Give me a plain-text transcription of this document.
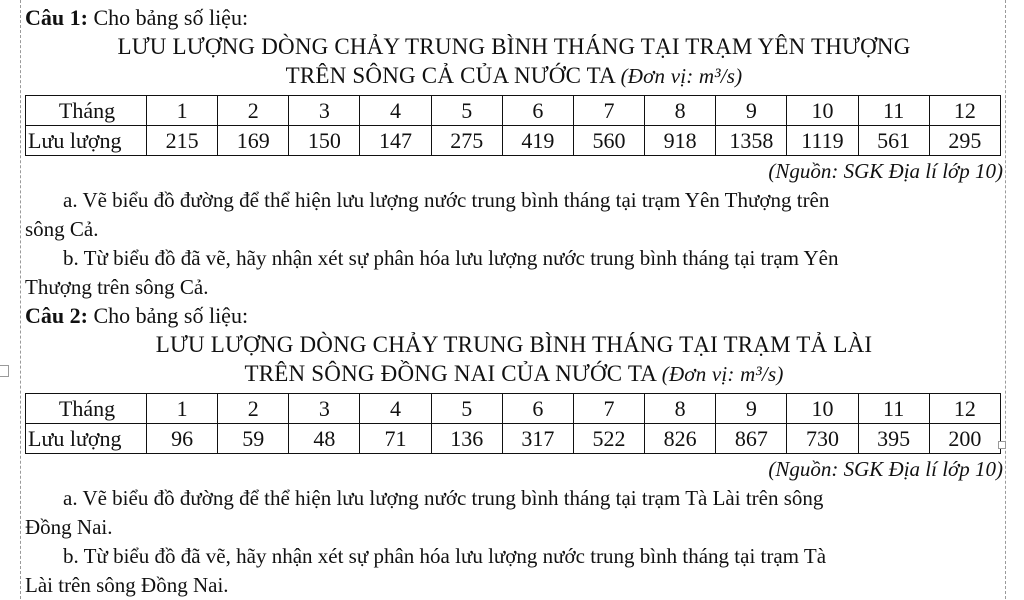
Câu 1: Cho bảng số liệu:
LƯU LƯỢNG DÒNG CHẢY TRUNG BÌNH THÁNG TẠI TRẠM YÊN THƯỢNG
TRÊN SÔNG CẢ CỦA NƯỚC TA (Đơn vị: m³/s)
Tháng	1	2	3	4	5	6	7	8	9	10	11	12
Lưu lượng	215	169	150	147	275	419	560	918	1358	1119	561	295
(Nguồn: SGK Địa lí lớp 10)
a. Vẽ biểu đồ đường để thể hiện lưu lượng nước trung bình tháng tại trạm Yên Thượng trên
sông Cả.
b. Từ biểu đồ đã vẽ, hãy nhận xét sự phân hóa lưu lượng nước trung bình tháng tại trạm Yên
Thượng trên sông Cả.
Câu 2: Cho bảng số liệu:
LƯU LƯỢNG DÒNG CHẢY TRUNG BÌNH THÁNG TẠI TRẠM TẢ LÀI
TRÊN SÔNG ĐỒNG NAI CỦA NƯỚC TA (Đơn vị: m³/s)
Tháng	1	2	3	4	5	6	7	8	9	10	11	12
Lưu lượng	96	59	48	71	136	317	522	826	867	730	395	200
(Nguồn: SGK Địa lí lớp 10)
a. Vẽ biểu đồ đường để thể hiện lưu lượng nước trung bình tháng tại trạm Tà Lài trên sông
Đồng Nai.
b. Từ biểu đồ đã vẽ, hãy nhận xét sự phân hóa lưu lượng nước trung bình tháng tại trạm Tà
Lài trên sông Đồng Nai.
